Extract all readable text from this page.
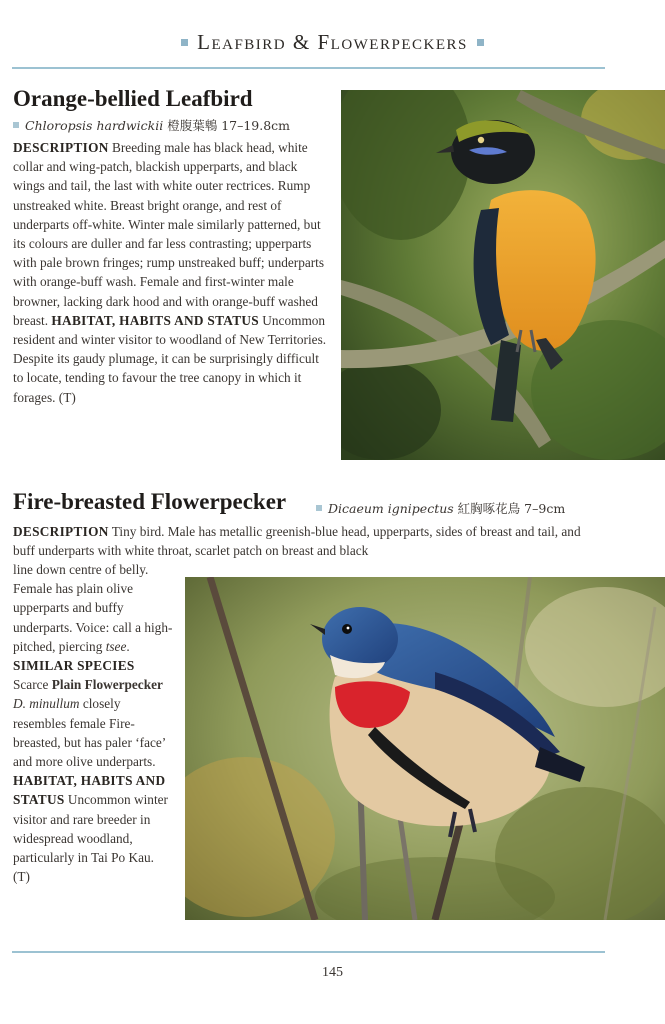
Leafbird & Flowerpeckers
Orange-bellied Leafbird
Chloropsis hardwickii 橙腹葉鵯 17–19.8cm
DESCRIPTION Breeding male has black head, white collar and wing-patch, blackish upperparts, and black wings and tail, the last with white outer rectrices. Rump unstreaked white. Breast bright orange, and rest of underparts off-white. Winter male similarly patterned, but its colours are duller and far less contrasting; upperparts with pale brown fringes; rump unstreaked buff; underparts with orange-buff wash. Female and first-winter male browner, lacking dark hood and with orange-buff washed breast. HABITAT, HABITS AND STATUS Uncommon resident and winter visitor to woodland of New Territories. Despite its gaudy plumage, it can be surprisingly difficult to locate, tending to favour the tree canopy in which it forages. (T)
Fire-breasted Flowerpecker	Dicaeum ignipectus 紅胸啄花鳥 7–9cm
DESCRIPTION Tiny bird. Male has metallic greenish-blue head, upperparts, sides of breast and tail, and buff underparts with white throat, scarlet patch on breast and black
line down centre of belly. Female has plain olive upperparts and buffy underparts. Voice: call a high-pitched, piercing tsee. SIMILAR SPECIES Scarce Plain Flowerpecker D. minullum closely resembles female Fire-breasted, but has paler ‘face’ and more olive underparts. HABITAT, HABITS AND STATUS Uncommon winter visitor and rare breeder in widespread woodland, particularly in Tai Po Kau. (T)
145
